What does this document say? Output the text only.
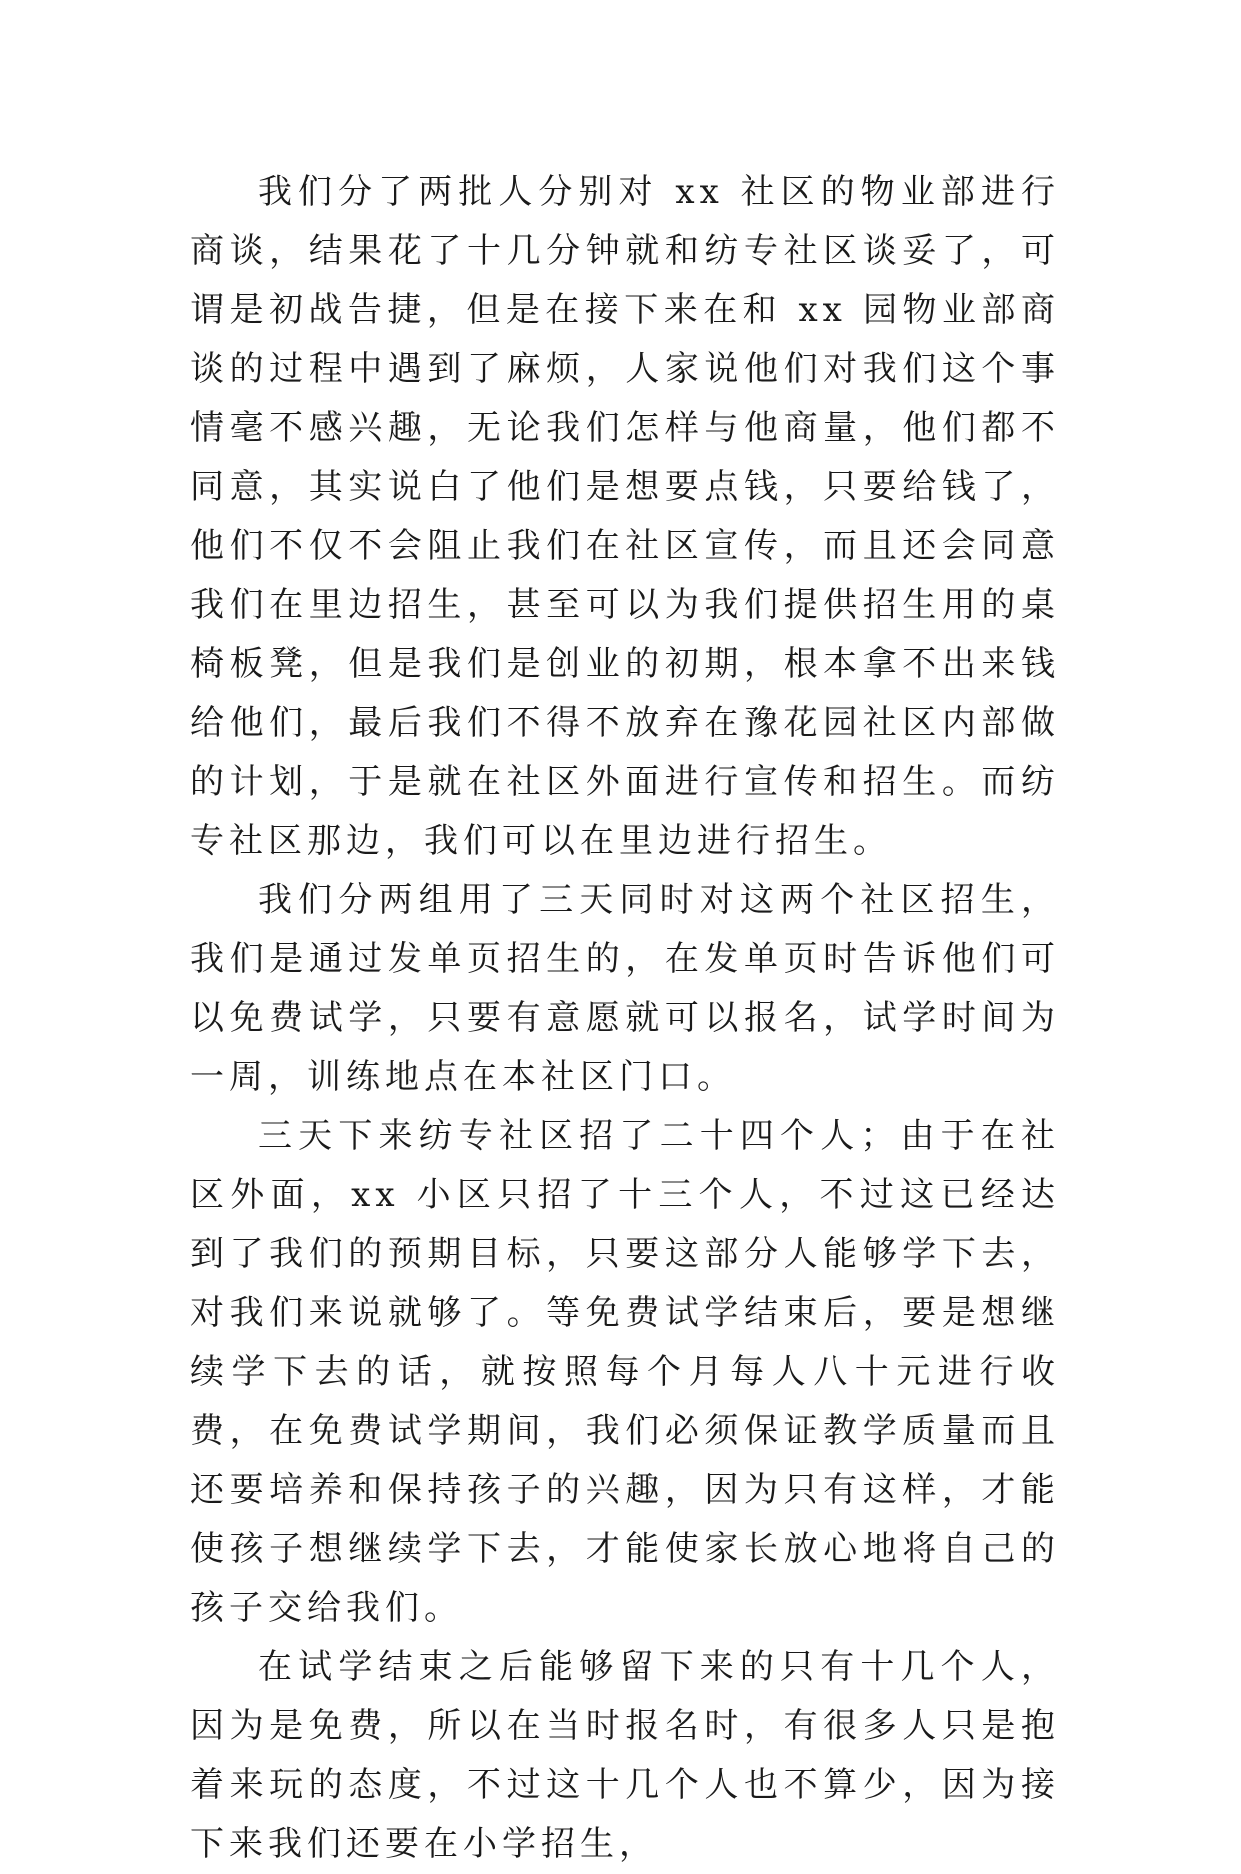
我们分了两批人分别对 xx 社区的物业部进行商谈，结果花了十几分钟就和纺专社区谈妥了，可谓是初战告捷，但是在接下来在和 xx 园物业部商谈的过程中遇到了麻烦，人家说他们对我们这个事情毫不感兴趣，无论我们怎样与他商量，他们都不同意，其实说白了他们是想要点钱，只要给钱了，他们不仅不会阻止我们在社区宣传，而且还会同意我们在里边招生，甚至可以为我们提供招生用的桌椅板凳，但是我们是创业的初期，根本拿不出来钱给他们，最后我们不得不放弃在豫花园社区内部做的计划，于是就在社区外面进行宣传和招生。而纺专社区那边，我们可以在里边进行招生。

我们分两组用了三天同时对这两个社区招生，我们是通过发单页招生的，在发单页时告诉他们可以免费试学，只要有意愿就可以报名，试学时间为一周，训练地点在本社区门口。

三天下来纺专社区招了二十四个人；由于在社区外面，xx 小区只招了十三个人，不过这已经达到了我们的预期目标，只要这部分人能够学下去，对我们来说就够了。等免费试学结束后，要是想继续学下去的话，就按照每个月每人八十元进行收费，在免费试学期间，我们必须保证教学质量而且还要培养和保持孩子的兴趣，因为只有这样，才能使孩子想继续学下去，才能使家长放心地将自己的孩子交给我们。

在试学结束之后能够留下来的只有十几个人，因为是免费，所以在当时报名时，有很多人只是抱着来玩的态度，不过这十几个人也不算少，因为接下来我们还要在小学招生，
